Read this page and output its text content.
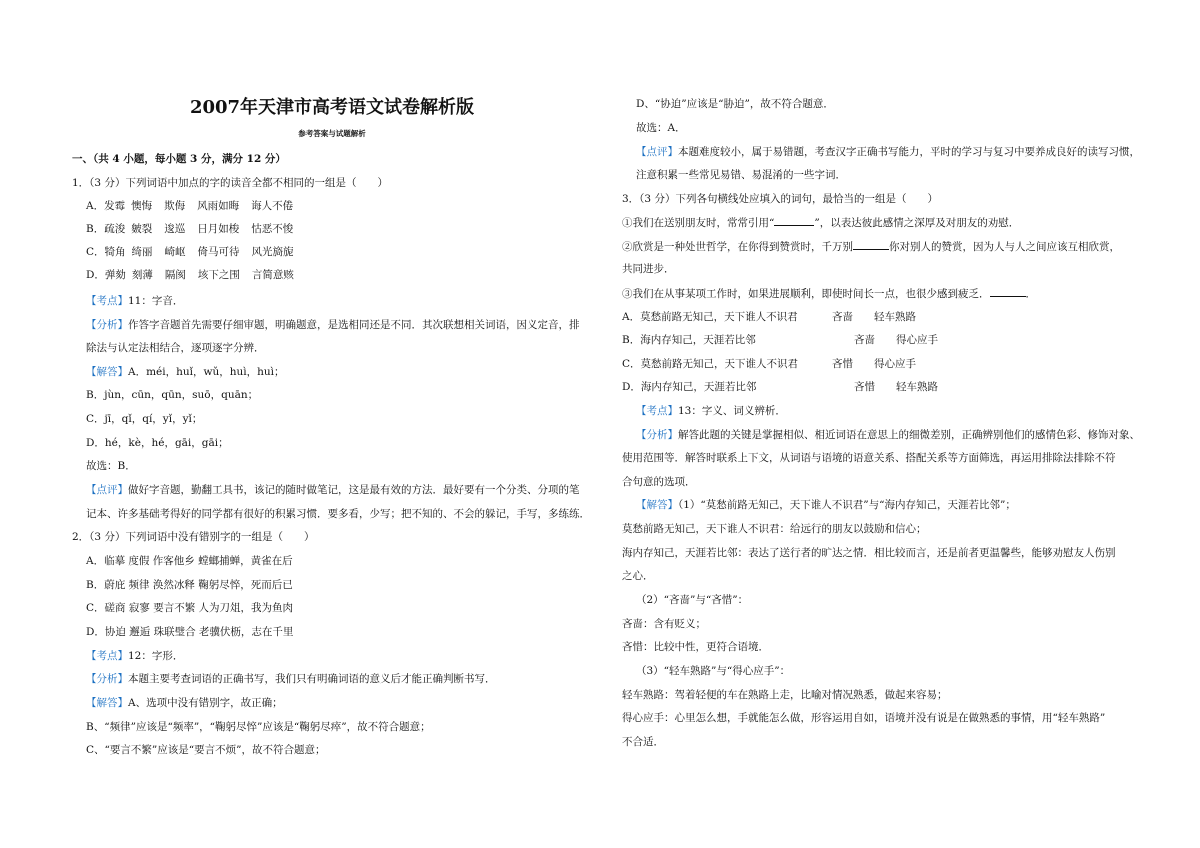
2007年天津市高考语文试卷解析版
参考答案与试题解析
一、（共 4 小题，每小题 3 分，满分 12 分）
1．（3 分）下列词语中加点的字的读音全都不相同的一组是（　　）
A．发霉 懊悔 欺侮 风雨如晦 诲人不倦
B．疏浚 皴裂 逡巡 日月如梭 怙恶不悛
C．犄角 绮丽 崎岖 倚马可待 风光旖旎
D．弹劾 刻薄 隔阂 垓下之围 言简意赅
【考点】11：字音．
【分析】作答字音题首先需要仔细审题，明确题意，是选相同还是不同．其次联想相关词语，因义定音，排
除法与认定法相结合，逐项逐字分辨．
【解答】A．méi，huǐ，wǔ，huì，huì；
B．jùn，cūn，qūn，suō，quān；
C．jī，qǐ，qí，yǐ，yǐ；
D．hé，kè，hé，gāi，gāi；
故选：B．
【点评】做好字音题，勤翻工具书，该记的随时做笔记，这是最有效的方法．最好要有一个分类、分项的笔
记本、许多基础考得好的同学都有很好的积累习惯．要多看，少写；把不知的、不会的躲记，手写，多练练．
2．（3 分）下列词语中没有错别字的一组是（　　）
A．临摹 度假 作客他乡 螳螂捕蝉，黄雀在后
B．蔚庇 频律 涣然冰释 鞠躬尽悴，死而后已
C．磋商 寂寥 要言不繁 人为刀俎，我为鱼肉
D．协迫 邂逅 珠联璧合 老骥伏枥，志在千里
【考点】12：字形．
【分析】本题主要考查词语的正确书写，我们只有明确词语的意义后才能正确判断书写．
【解答】A、选项中没有错别字，故正确；
B、“频律”应该是“频率”，“鞠躬尽悴”应该是“鞠躬尽瘁”，故不符合题意；
C、“要言不繁”应该是“要言不烦”，故不符合题意；
D、“协迫”应该是“胁迫”，故不符合题意．
故选：A．
【点评】本题难度较小，属于易错题，考查汉字正确书写能力，平时的学习与复习中要养成良好的读写习惯，
注意积累一些常见易错、易混淆的一些字词．
3．（3 分）下列各句横线处应填入的词句，最恰当的一组是（　　）
①我们在送别朋友时，常常引用“	”，以表达彼此感情之深厚及对朋友的劝慰．
②欣赏是一种处世哲学，在你得到赞赏时，千万别	你对别人的赞赏，因为人与人之间应该互相欣赏，
共同进步．
③我们在从事某项工作时，如果进展顺利，即使时间长一点，也很少感到疲乏．	．
A．莫愁前路无知己，天下谁人不识君	吝啬 轻车熟路
B．海内存知己，天涯若比邻	吝啬 得心应手
C．莫愁前路无知己，天下谁人不识君	吝惜 得心应手
D．海内存知己，天涯若比邻	吝惜 轻车熟路
【考点】13：字义、词义辨析．
【分析】解答此题的关键是掌握相似、相近词语在意思上的细微差别，正确辨别他们的感情色彩、修饰对象、
使用范围等．解答时联系上下文，从词语与语境的语意关系、搭配关系等方面筛选，再运用排除法排除不符
合句意的选项．
【解答】（1）“莫愁前路无知己，天下谁人不识君”与“海内存知己，天涯若比邻”；
莫愁前路无知己，天下谁人不识君：给远行的朋友以鼓励和信心；
海内存知己，天涯若比邻：表达了送行者的旷达之情．相比较而言，还是前者更温馨些，能够劝慰友人伤别
之心．
（2）“吝啬”与“吝惜”：
吝啬：含有贬义；
吝惜：比较中性，更符合语境．
（3）“轻车熟路”与“得心应手”：
轻车熟路：驾着轻便的车在熟路上走，比喻对情况熟悉，做起来容易；
得心应手：心里怎么想，手就能怎么做，形容运用自如，语境并没有说是在做熟悉的事情，用“轻车熟路”
不合适．
